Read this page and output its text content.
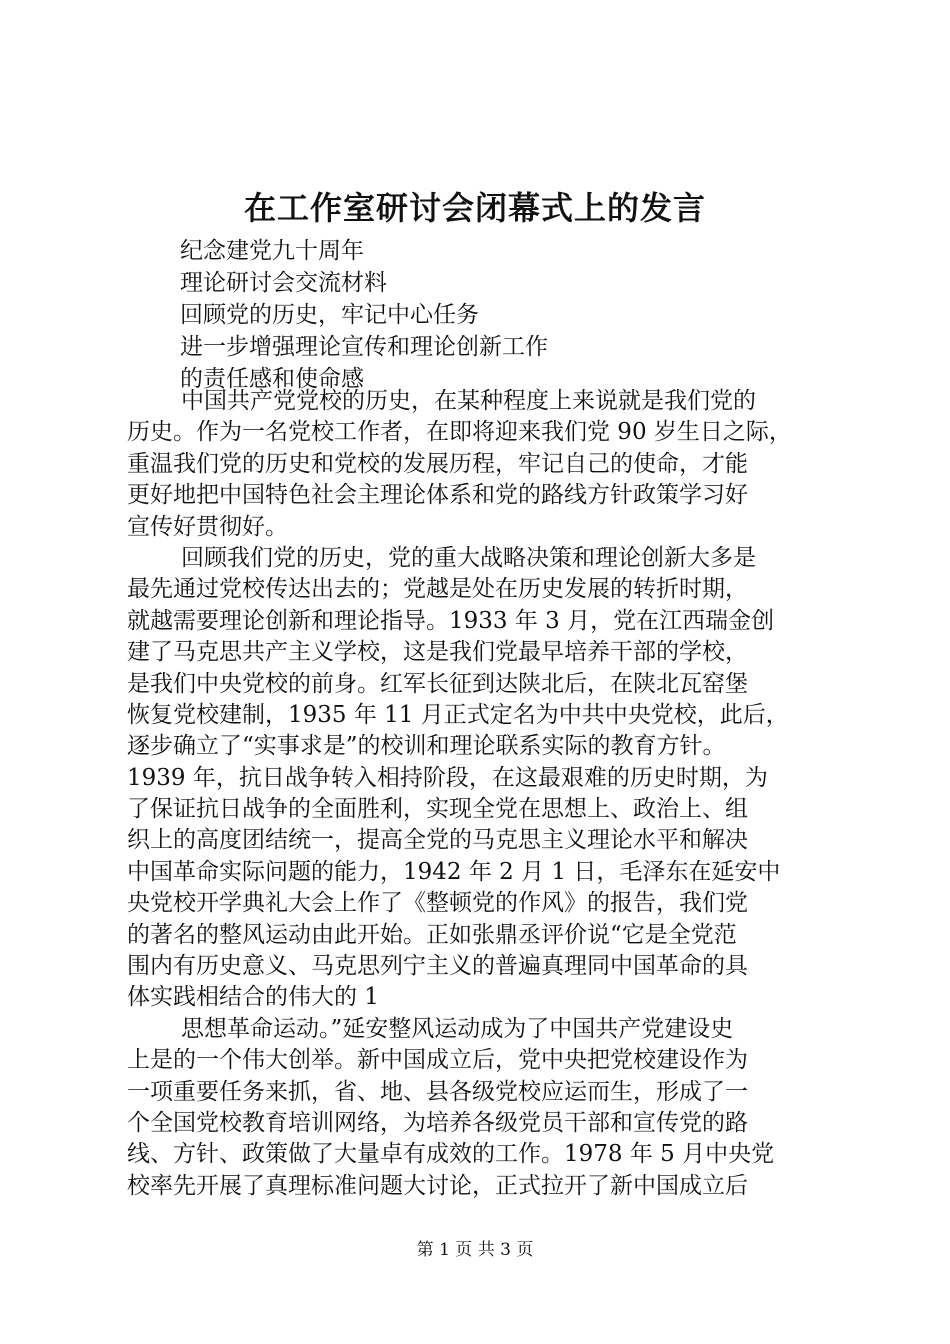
在工作室研讨会闭幕式上的发言
纪念建党九十周年
理论研讨会交流材料
回顾党的历史，牢记中心任务
进一步增强理论宣传和理论创新工作
的责任感和使命感
中国共产党党校的历史，在某种程度上来说就是我们党的
历史。作为一名党校工作者，在即将迎来我们党 90 岁生日之际，
重温我们党的历史和党校的发展历程，牢记自己的使命，才能
更好地把中国特色社会主理论体系和党的路线方针政策学习好
宣传好贯彻好。
回顾我们党的历史，党的重大战略决策和理论创新大多是
最先通过党校传达出去的；党越是处在历史发展的转折时期，
就越需要理论创新和理论指导。1933 年 3 月，党在江西瑞金创
建了马克思共产主义学校，这是我们党最早培养干部的学校，
是我们中央党校的前身。红军长征到达陕北后，在陕北瓦窑堡
恢复党校建制，1935 年 11 月正式定名为中共中央党校，此后，
逐步确立了“实事求是”的校训和理论联系实际的教育方针。
1939 年，抗日战争转入相持阶段，在这最艰难的历史时期，为
了保证抗日战争的全面胜利，实现全党在思想上、政治上、组
织上的高度团结统一，提高全党的马克思主义理论水平和解决
中国革命实际问题的能力，1942 年 2 月 1 日，毛泽东在延安中
央党校开学典礼大会上作了《整顿党的作风》的报告，我们党
的著名的整风运动由此开始。正如张鼎丞评价说“它是全党范
围内有历史意义、马克思列宁主义的普遍真理同中国革命的具
体实践相结合的伟大的 1
思想革命运动。”延安整风运动成为了中国共产党建设史
上是的一个伟大创举。新中国成立后，党中央把党校建设作为
一项重要任务来抓，省、地、县各级党校应运而生，形成了一
个全国党校教育培训网络，为培养各级党员干部和宣传党的路
线、方针、政策做了大量卓有成效的工作。1978 年 5 月中央党
校率先开展了真理标准问题大讨论，正式拉开了新中国成立后
第 1 页 共 3 页
